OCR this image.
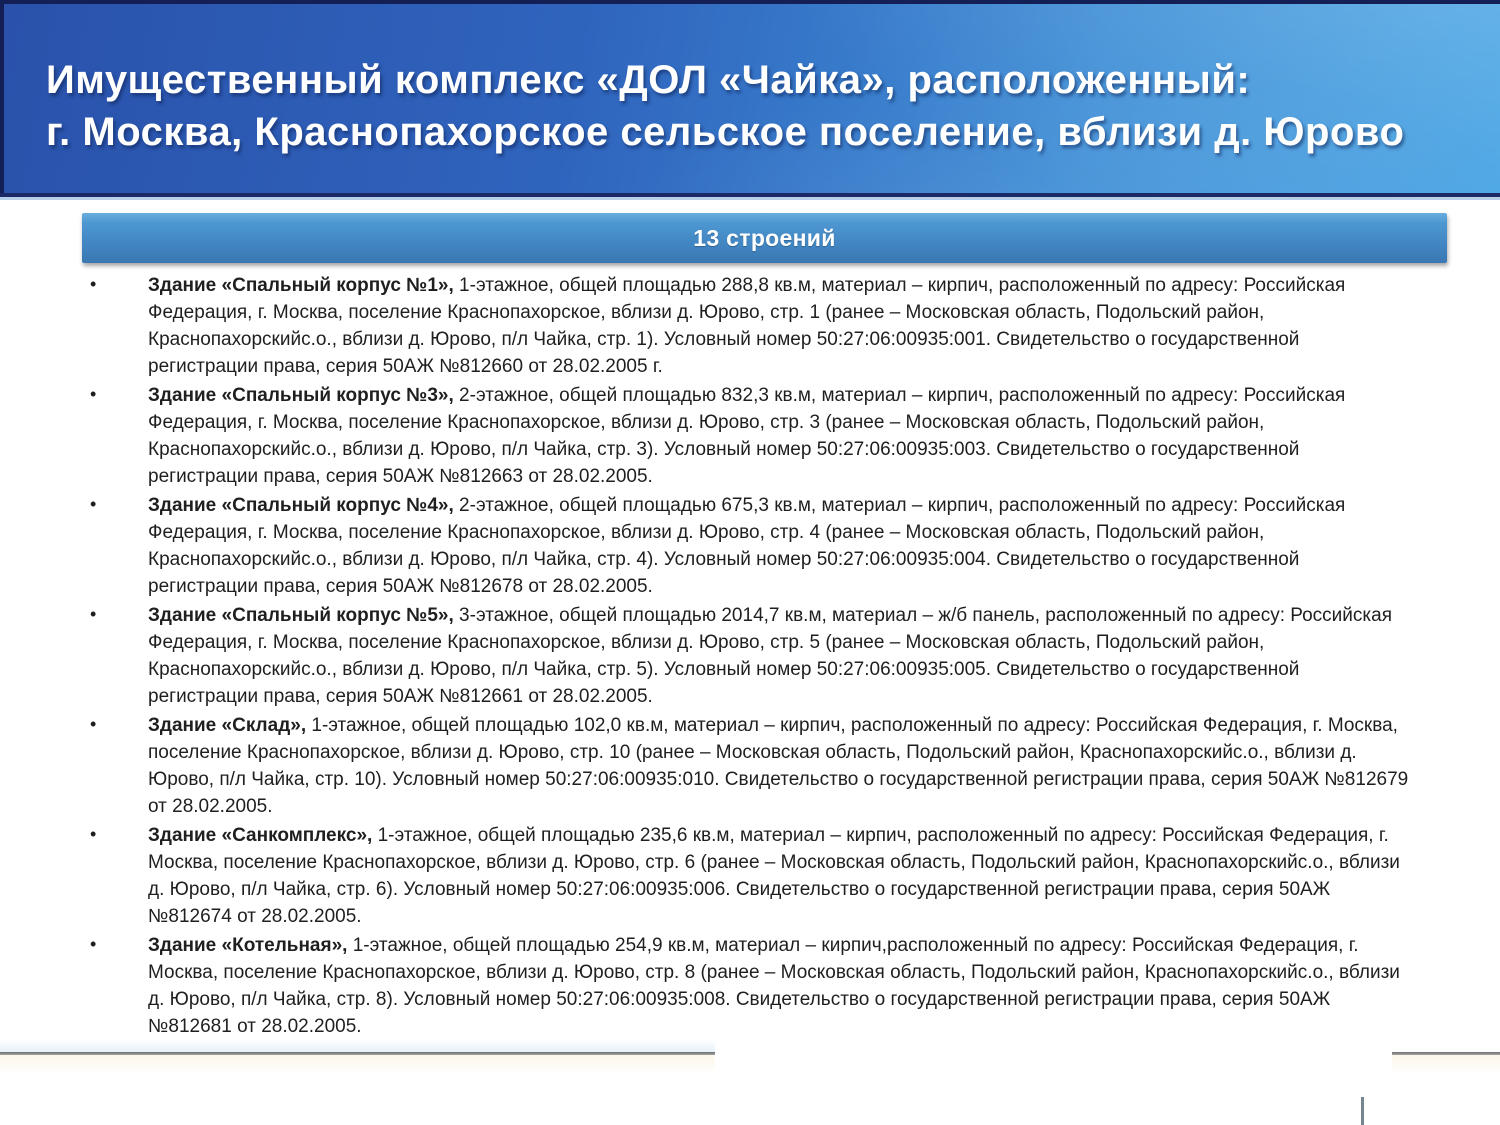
Имущественный комплекс «ДОЛ «Чайка», расположенный:
г. Москва, Краснопахорское сельское поселение, вблизи д. Юрово
13 строений
• Здание «Спальный корпус №1», 1-этажное, общей площадью 288,8 кв.м, материал – кирпич, расположенный по адресу: Российская Федерация, г. Москва, поселение Краснопахорское, вблизи д. Юрово, стр. 1 (ранее – Московская область, Подольский район, Краснопахорскийс.о., вблизи д. Юрово, п/л Чайка, стр. 1). Условный номер 50:27:06:00935:001. Свидетельство о государственной регистрации права, серия 50АЖ №812660 от 28.02.2005 г.
• Здание «Спальный корпус №3», 2-этажное, общей площадью 832,3 кв.м, материал – кирпич, расположенный по адресу: Российская Федерация, г. Москва, поселение Краснопахорское, вблизи д. Юрово, стр. 3 (ранее – Московская область, Подольский район, Краснопахорскийс.о., вблизи д. Юрово, п/л Чайка, стр. 3). Условный номер 50:27:06:00935:003. Свидетельство о государственной регистрации права, серия 50АЖ №812663 от 28.02.2005.
• Здание «Спальный корпус №4», 2-этажное, общей площадью 675,3 кв.м, материал – кирпич, расположенный по адресу: Российская Федерация, г. Москва, поселение Краснопахорское, вблизи д. Юрово, стр. 4 (ранее – Московская область, Подольский район, Краснопахорскийс.о., вблизи д. Юрово, п/л Чайка, стр. 4). Условный номер 50:27:06:00935:004. Свидетельство о государственной регистрации права, серия 50АЖ №812678 от 28.02.2005.
• Здание «Спальный корпус №5», 3-этажное, общей площадью 2014,7 кв.м, материал – ж/б панель, расположенный по адресу: Российская Федерация, г. Москва, поселение Краснопахорское, вблизи д. Юрово, стр. 5 (ранее – Московская область, Подольский район, Краснопахорскийс.о., вблизи д. Юрово, п/л Чайка, стр. 5). Условный номер 50:27:06:00935:005. Свидетельство о государственной регистрации права, серия 50АЖ №812661 от 28.02.2005.
• Здание «Склад», 1-этажное, общей площадью 102,0 кв.м, материал – кирпич, расположенный по адресу: Российская Федерация, г. Москва, поселение Краснопахорское, вблизи д. Юрово, стр. 10 (ранее – Московская область, Подольский район, Краснопахорскийс.о., вблизи д. Юрово, п/л Чайка, стр. 10). Условный номер 50:27:06:00935:010. Свидетельство о государственной регистрации права, серия 50АЖ №812679 от 28.02.2005.
• Здание «Санкомплекс», 1-этажное, общей площадью 235,6 кв.м, материал – кирпич, расположенный по адресу: Российская Федерация, г. Москва, поселение Краснопахорское, вблизи д. Юрово, стр. 6 (ранее – Московская область, Подольский район, Краснопахорскийс.о., вблизи д. Юрово, п/л Чайка, стр. 6). Условный номер 50:27:06:00935:006. Свидетельство о государственной регистрации права, серия 50АЖ №812674 от 28.02.2005.
• Здание «Котельная», 1-этажное, общей площадью 254,9 кв.м, материал – кирпич,расположенный по адресу: Российская Федерация, г. Москва, поселение Краснопахорское, вблизи д. Юрово, стр. 8 (ранее – Московская область, Подольский район, Краснопахорскийс.о., вблизи д. Юрово, п/л Чайка, стр. 8). Условный номер 50:27:06:00935:008. Свидетельство о государственной регистрации права, серия 50АЖ №812681 от 28.02.2005.
